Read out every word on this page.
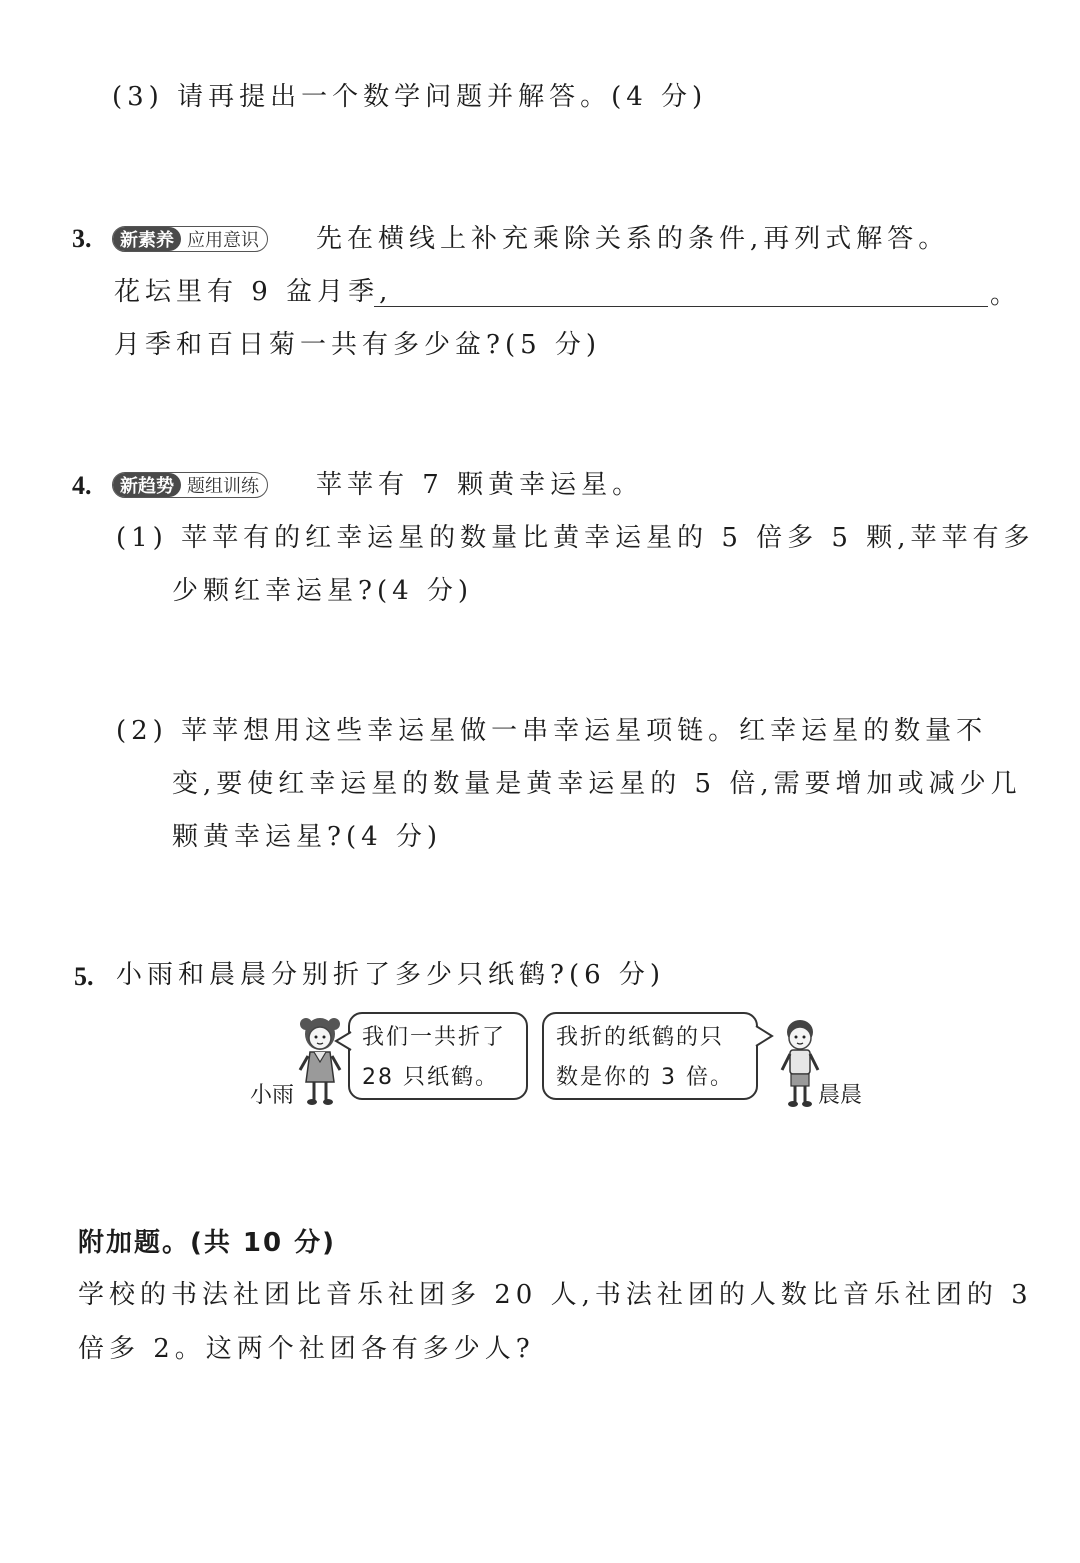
(3) 请再提出一个数学问题并解答。(4 分)
3.	新素养 应用意识	先在横线上补充乘除关系的条件,再列式解答。
花坛里有 9 盆月季,	。
月季和百日菊一共有多少盆?(5 分)
4.	新趋势 题组训练	苹苹有 7 颗黄幸运星。
(1) 苹苹有的红幸运星的数量比黄幸运星的 5 倍多 5 颗,苹苹有多
少颗红幸运星?(4 分)
(2) 苹苹想用这些幸运星做一串幸运星项链。红幸运星的数量不
变,要使红幸运星的数量是黄幸运星的 5 倍,需要增加或减少几
颗黄幸运星?(4 分)
5. 小雨和晨晨分别折了多少只纸鹤?(6 分)
小雨
我们一共折了
28 只纸鹤。
我折的纸鹤的只
数是你的 3 倍。
晨晨
附加题。(共 10 分)
学校的书法社团比音乐社团多 20 人,书法社团的人数比音乐社团的 3
倍多 2。这两个社团各有多少人?
